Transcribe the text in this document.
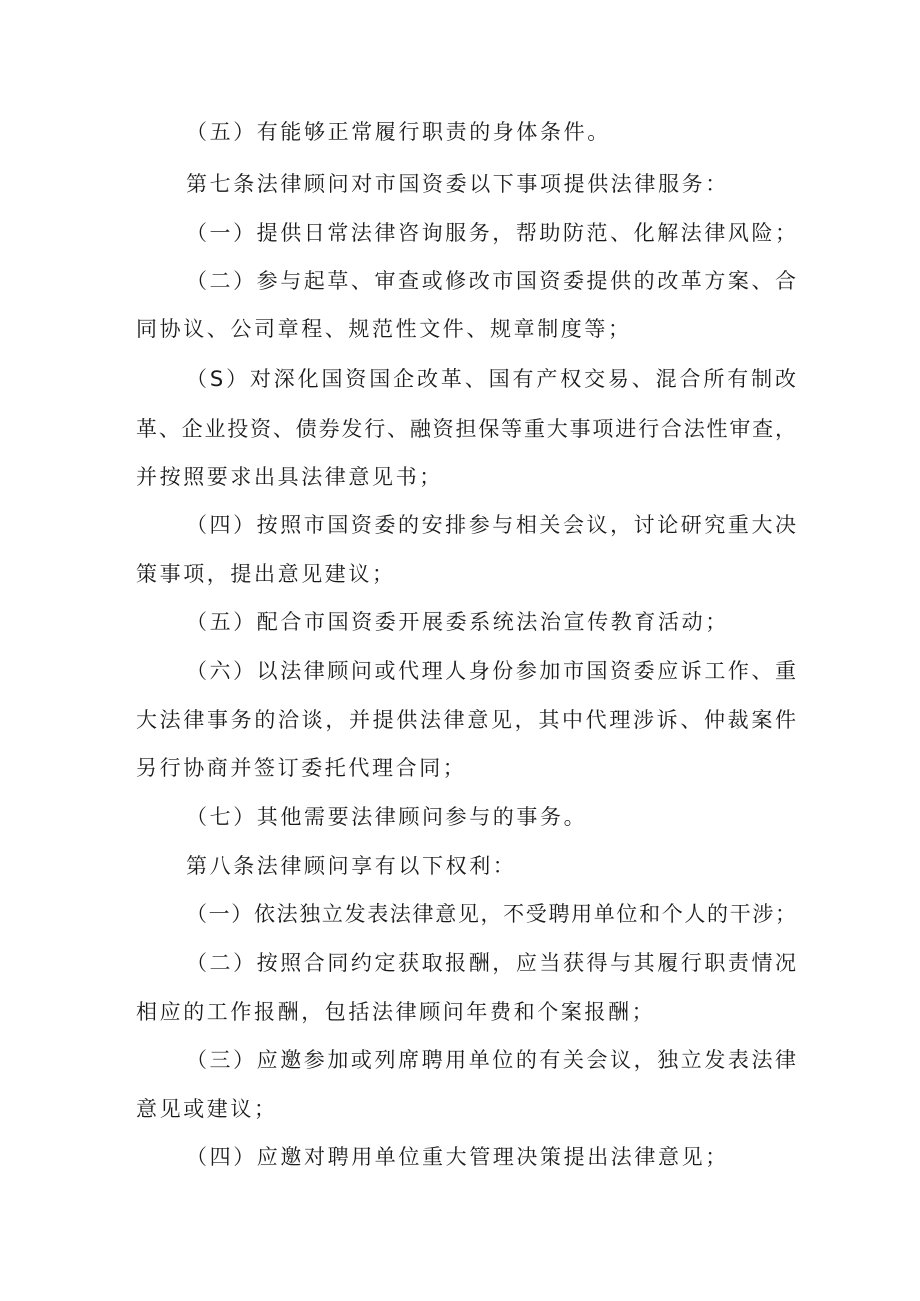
（五）有能够正常履行职责的身体条件。
第七条法律顾问对市国资委以下事项提供法律服务：
（一）提供日常法律咨询服务，帮助防范、化解法律风险；
（二）参与起草、审查或修改市国资委提供的改革方案、合
同协议、公司章程、规范性文件、规章制度等；
（S）对深化国资国企改革、国有产权交易、混合所有制改
革、企业投资、债券发行、融资担保等重大事项进行合法性审查，
并按照要求出具法律意见书；
（四）按照市国资委的安排参与相关会议，讨论研究重大决
策事项，提出意见建议；
（五）配合市国资委开展委系统法治宣传教育活动；
（六）以法律顾问或代理人身份参加市国资委应诉工作、重
大法律事务的洽谈，并提供法律意见，其中代理涉诉、仲裁案件
另行协商并签订委托代理合同；
（七）其他需要法律顾问参与的事务。
第八条法律顾问享有以下权利：
（一）依法独立发表法律意见，不受聘用单位和个人的干涉；
（二）按照合同约定获取报酬，应当获得与其履行职责情况
相应的工作报酬，包括法律顾问年费和个案报酬；
（三）应邀参加或列席聘用单位的有关会议，独立发表法律
意见或建议；
（四）应邀对聘用单位重大管理决策提出法律意见；
